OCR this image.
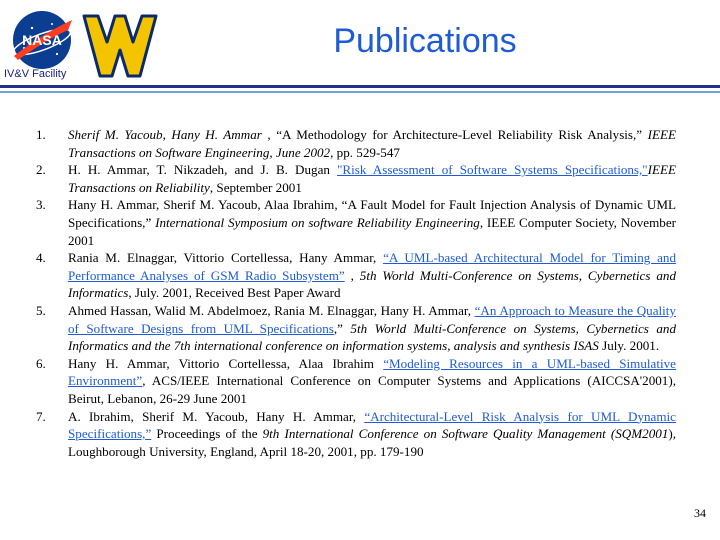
NASA
IV&V Facility
Publications
1. Sherif M. Yacoub, Hany H. Ammar , “A Methodology for Architecture-Level Reliability Risk Analysis,” IEEE Transactions on Software Engineering, June 2002, pp. 529-547
2. H. H. Ammar, T. Nikzadeh, and J. B. Dugan "Risk Assessment of Software Systems Specifications,"IEEE Transactions on Reliability, September 2001
3. Hany H. Ammar, Sherif M. Yacoub, Alaa Ibrahim, “A Fault Model for Fault Injection Analysis of Dynamic UML Specifications,” International Symposium on software Reliability Engineering, IEEE Computer Society, November 2001
4. Rania M. Elnaggar, Vittorio Cortellessa, Hany Ammar, “A UML-based Architectural Model for Timing and Performance Analyses of GSM Radio Subsystem” , 5th World Multi-Conference on Systems, Cybernetics and Informatics, July. 2001, Received Best Paper Award
5. Ahmed Hassan, Walid M. Abdelmoez, Rania M. Elnaggar, Hany H. Ammar, “An Approach to Measure the Quality of Software Designs from UML Specifications,” 5th World Multi-Conference on Systems, Cybernetics and Informatics and the 7th international conference on information systems, analysis and synthesis ISAS July. 2001.
6. Hany H. Ammar, Vittorio Cortellessa, Alaa Ibrahim “Modeling Resources in a UML-based Simulative Environment”, ACS/IEEE International Conference on Computer Systems and Applications (AICCSA'2001), Beirut, Lebanon, 26-29 June 2001
7. A. Ibrahim, Sherif M. Yacoub, Hany H. Ammar, “Architectural-Level Risk Analysis for UML Dynamic Specifications,” Proceedings of the 9th International Conference on Software Quality Management (SQM2001), Loughborough University, England, April 18-20, 2001, pp. 179-190
34
